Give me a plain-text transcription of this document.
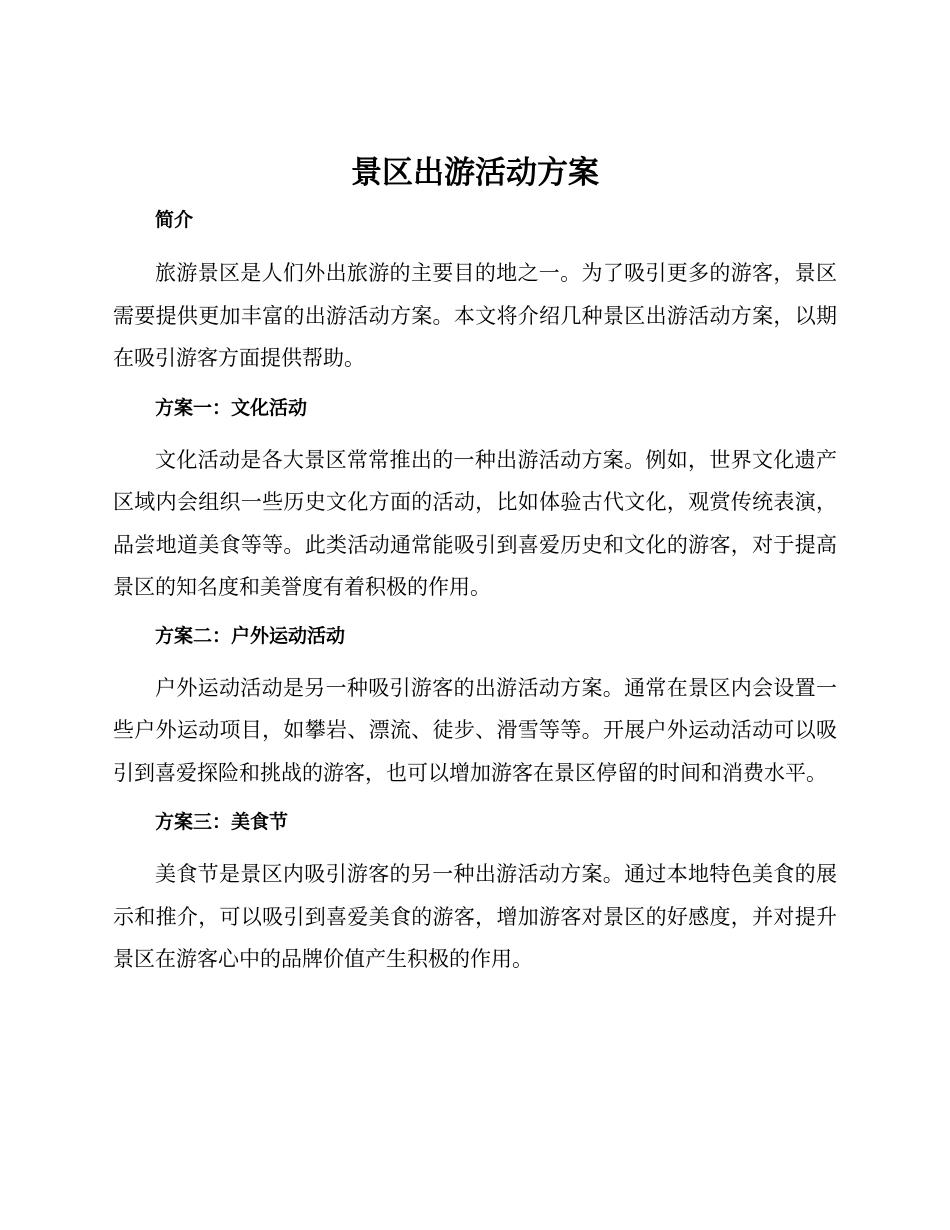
景区出游活动方案
简介

旅游景区是人们外出旅游的主要目的地之一。为了吸引更多的游客，景区需要提供更加丰富的出游活动方案。本文将介绍几种景区出游活动方案，以期在吸引游客方面提供帮助。

方案一：文化活动

文化活动是各大景区常常推出的一种出游活动方案。例如，世界文化遗产区域内会组织一些历史文化方面的活动，比如体验古代文化，观赏传统表演，品尝地道美食等等。此类活动通常能吸引到喜爱历史和文化的游客，对于提高景区的知名度和美誉度有着积极的作用。

方案二：户外运动活动

户外运动活动是另一种吸引游客的出游活动方案。通常在景区内会设置一些户外运动项目，如攀岩、漂流、徒步、滑雪等等。开展户外运动活动可以吸引到喜爱探险和挑战的游客，也可以增加游客在景区停留的时间和消费水平。

方案三：美食节

美食节是景区内吸引游客的另一种出游活动方案。通过本地特色美食的展示和推介，可以吸引到喜爱美食的游客，增加游客对景区的好感度，并对提升景区在游客心中的品牌价值产生积极的作用。
